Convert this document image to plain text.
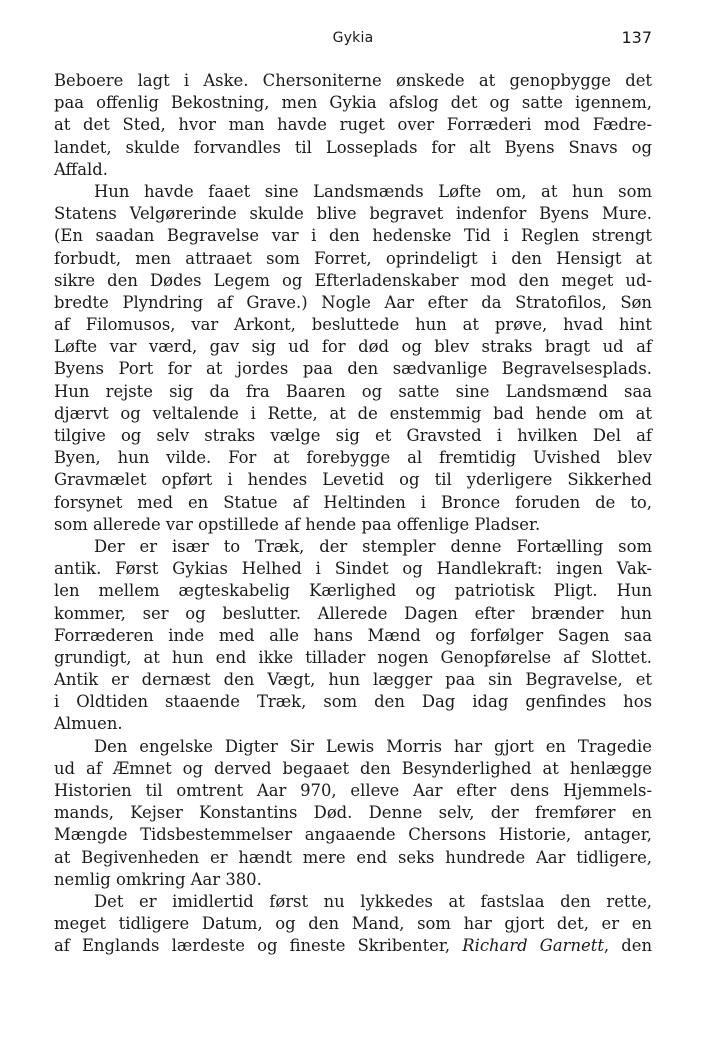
Gykia	137
Beboere lagt i Aske. Chersoniterne ønskede at genopbygge det
paa offenlig Bekostning, men Gykia afslog det og satte igennem,
at det Sted, hvor man havde ruget over Forræderi mod Fædre-
landet, skulde forvandles til Losseplads for alt Byens Snavs og
Affald.
Hun havde faaet sine Landsmænds Løfte om, at hun som
Statens Velgørerinde skulde blive begravet indenfor Byens Mure.
(En saadan Begravelse var i den hedenske Tid i Reglen strengt
forbudt, men attraaet som Forret, oprindeligt i den Hensigt at
sikre den Dødes Legem og Efterladenskaber mod den meget ud-
bredte Plyndring af Grave.) Nogle Aar efter da Stratofilos, Søn
af Filomusos, var Arkont, besluttede hun at prøve, hvad hint
Løfte var værd, gav sig ud for død og blev straks bragt ud af
Byens Port for at jordes paa den sædvanlige Begravelsesplads.
Hun rejste sig da fra Baaren og satte sine Landsmænd saa
djærvt og veltalende i Rette, at de enstemmig bad hende om at
tilgive og selv straks vælge sig et Gravsted i hvilken Del af
Byen, hun vilde. For at forebygge al fremtidig Uvished blev
Gravmælet opført i hendes Levetid og til yderligere Sikkerhed
forsynet med en Statue af Heltinden i Bronce foruden de to,
som allerede var opstillede af hende paa offenlige Pladser.
Der er især to Træk, der stempler denne Fortælling som
antik. Først Gykias Helhed i Sindet og Handlekraft: ingen Vak-
len mellem ægteskabelig Kærlighed og patriotisk Pligt. Hun
kommer, ser og beslutter. Allerede Dagen efter brænder hun
Forræderen inde med alle hans Mænd og forfølger Sagen saa
grundigt, at hun end ikke tillader nogen Genopførelse af Slottet.
Antik er dernæst den Vægt, hun lægger paa sin Begravelse, et
i Oldtiden staaende Træk, som den Dag idag genfindes hos
Almuen.
Den engelske Digter Sir Lewis Morris har gjort en Tragedie
ud af Æmnet og derved begaaet den Besynderlighed at henlægge
Historien til omtrent Aar 970, elleve Aar efter dens Hjemmels-
mands, Kejser Konstantins Død. Denne selv, der fremfører en
Mængde Tidsbestemmelser angaaende Chersons Historie, antager,
at Begivenheden er hændt mere end seks hundrede Aar tidligere,
nemlig omkring Aar 380.
Det er imidlertid først nu lykkedes at fastslaa den rette,
meget tidligere Datum, og den Mand, som har gjort det, er en
af Englands lærdeste og fineste Skribenter, Richard Garnett, den
